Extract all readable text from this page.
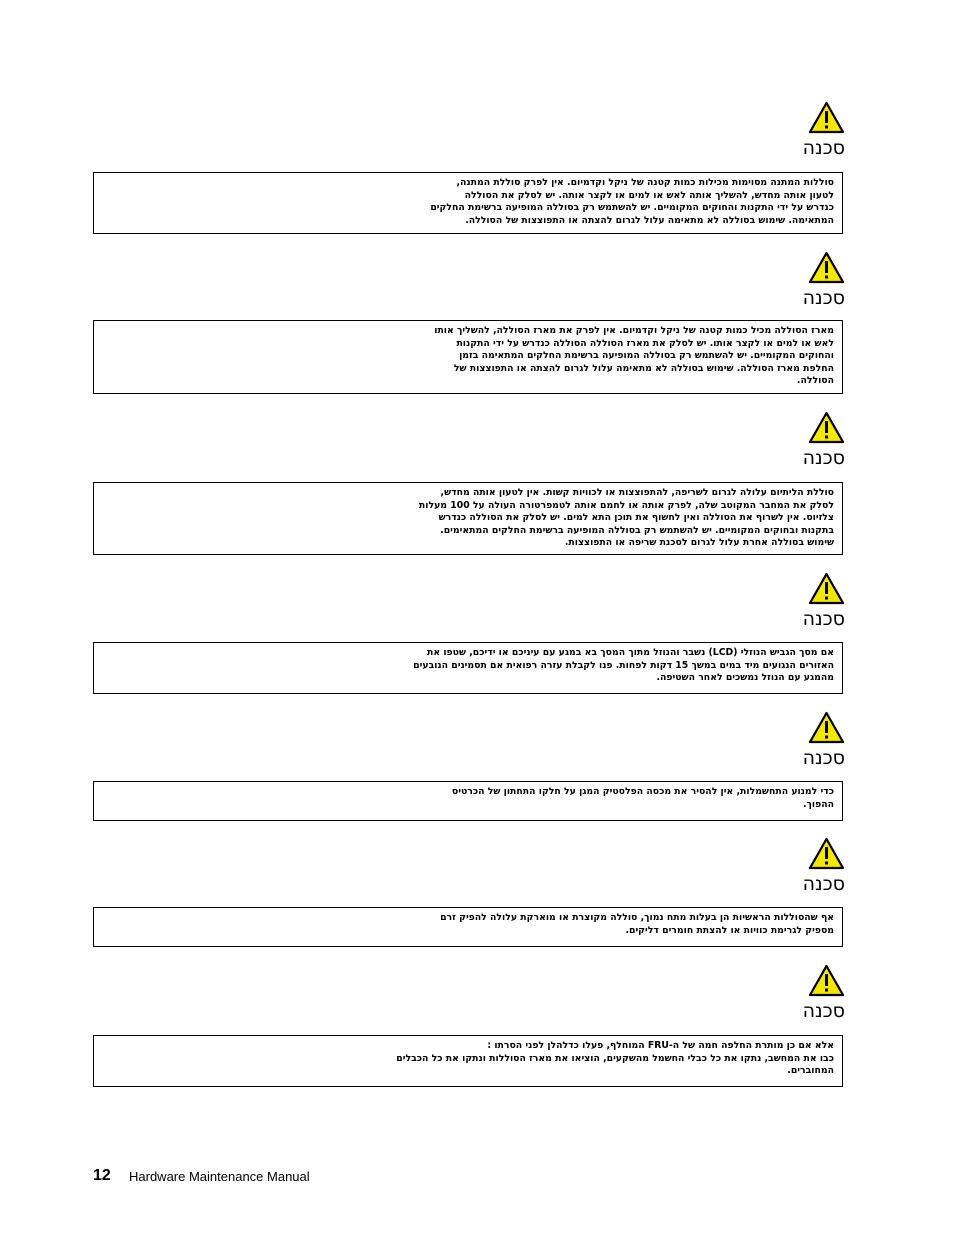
סכנה
סוללות המתנה מסוימות מכילות כמות קטנה של ניקל וקדמיום. אין לפרק סוללת המתנה,
לטעון אותה מחדש, להשליך אותה לאש או למים או לקצר אותה. יש לסלק את הסוללה
כנדרש על ידי התקנות והחוקים המקומיים. יש להשתמש רק בסוללה המופיעה ברשימת החלקים
המתאימה. שימוש בסוללה לא מתאימה עלול לגרום להצתה או התפוצצות של הסוללה.
סכנה
מארז הסוללה מכיל כמות קטנה של ניקל וקדמיום. אין לפרק את מארז הסוללה, להשליך אותו
לאש או למים או לקצר אותו. יש לסלק את מארז הסוללה הסוללה כנדרש על ידי התקנות
והחוקים המקומיים. יש להשתמש רק בסוללה המופיעה ברשימת החלקים המתאימה בזמן
החלפת מארז הסוללה. שימוש בסוללה לא מתאימה עלול לגרום להצתה או התפוצצות של
הסוללה.
סכנה
סוללת הליתיום עלולה לגרום לשריפה, להתפוצצות או לכוויות קשות. אין לטעון אותה מחדש,
לסלק את המחבר המקוטב שלה, לפרק אותה או לחמם אותה לטמפרטורה העולה על 100 מעלות
צלזיוס. אין לשרוף את הסוללה ואין לחשוף את תוכן התא למים. יש לסלק את הסוללה כנדרש
בתקנות ובחוקים המקומיים. יש להשתמש רק בסוללה המופיעה ברשימת החלקים המתאימים.
שימוש בסוללה אחרת עלול לגרום לסכנת שריפה או התפוצצות.
סכנה
אם מסך הגביש הנוזלי (LCD) נשבר והנוזל מתוך המסך בא במגע עם עיניכם או ידיכם, שטפו את
האזורים הנגועים מיד במים במשך 15 דקות לפחות. פנו לקבלת עזרה רפואית אם תסמינים הנובעים
מהמגע עם הנוזל נמשכים לאחר השטיפה.
סכנה
כדי למנוע התחשמלות, אין להסיר את מכסה הפלסטיק המגן על חלקו התחתון של הכרטיס
ההפוך.
סכנה
אף שהסוללות הראשיות הן בעלות מתח נמוך, סוללה מקוצרת או מוארקת עלולה להפיק זרם
מספיק לגרימת כוויות או להצתת חומרים דליקים.
סכנה
אלא אם כן מותרת החלפה חמה של ה-FRU המוחלף, פעלו כדלהלן לפני הסרתו :
כבו את המחשב, נתקו את כל כבלי החשמל מהשקעים, הוציאו את מארז הסוללות ונתקו את כל הכבלים
המחוברים.
12 Hardware Maintenance Manual
